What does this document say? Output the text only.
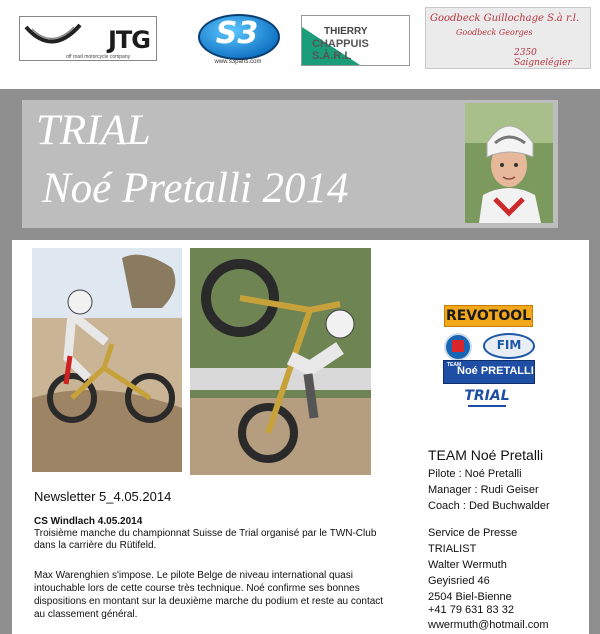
JTG
off road motorcycle company
S3
www.s3parts.com
THIERRY
CHAPPUIS S.À.R.L
Goodbeck Guillochage S.à r.l.
Goodbeck Georges
2350 Saignelégier
TRIAL
Noé Pretalli 2014
Newsletter 5_4.05.2014
CS Windlach 4.05.2014
Troisième manche du championnat Suisse de Trial organisé par le TWN-Club
dans la carrière du Rütifeld.
Max Warenghien s'impose. Le pilote Belge de niveau international quasi
intouchable lors de cette course très technique. Noé confirme ses bonnes
dispositions en montant sur la deuxième marche du podium et reste au contact
au classement général.
REVOTOOL
FIM
TEAM
Noé PRETALLI
TRIAL
TEAM Noé Pretalli
Pilote : Noé Pretalli
Manager : Rudi Geiser
Coach : Ded Buchwalder
Service de Presse
TRIALIST
Walter Wermuth
Geyisried 46
2504 Biel-Bienne
+41 79 631 83 32
wwermuth@hotmail.com
